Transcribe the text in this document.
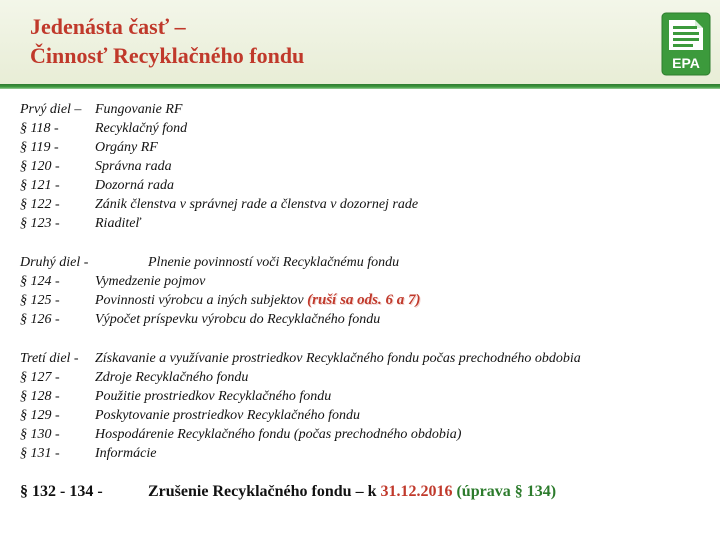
Jedenásta časť –
Činnosť Recyklačného fondu	EPA
Prvý diel – Fungovanie RF
§ 118 -	Recyklačný fond
§ 119 -	Orgány RF
§ 120 -	Správna rada
§ 121 -	Dozorná rada
§ 122 -	Zánik členstva v správnej rade a členstva v dozornej rade
§ 123 -	Riaditeľ
Druhý diel -	Plnenie povinností voči Recyklačnému fondu
§ 124 -	Vymedzenie pojmov
§ 125 -	Povinnosti výrobcu a iných subjektov (ruší sa ods. 6 a 7)
§ 126 -	Výpočet príspevku výrobcu do Recyklačného fondu
Tretí diel - Získavanie a využívanie prostriedkov Recyklačného fondu počas prechodného obdobia
§ 127 -	Zdroje Recyklačného fondu
§ 128 -	Použitie prostriedkov Recyklačného fondu
§ 129 -	Poskytovanie prostriedkov Recyklačného fondu
§ 130 -	Hospodárenie Recyklačného fondu (počas prechodného obdobia)
§ 131 -	Informácie
§ 132 - 134 -	Zrušenie Recyklačného fondu – k 31.12.2016 (úprava § 134)
